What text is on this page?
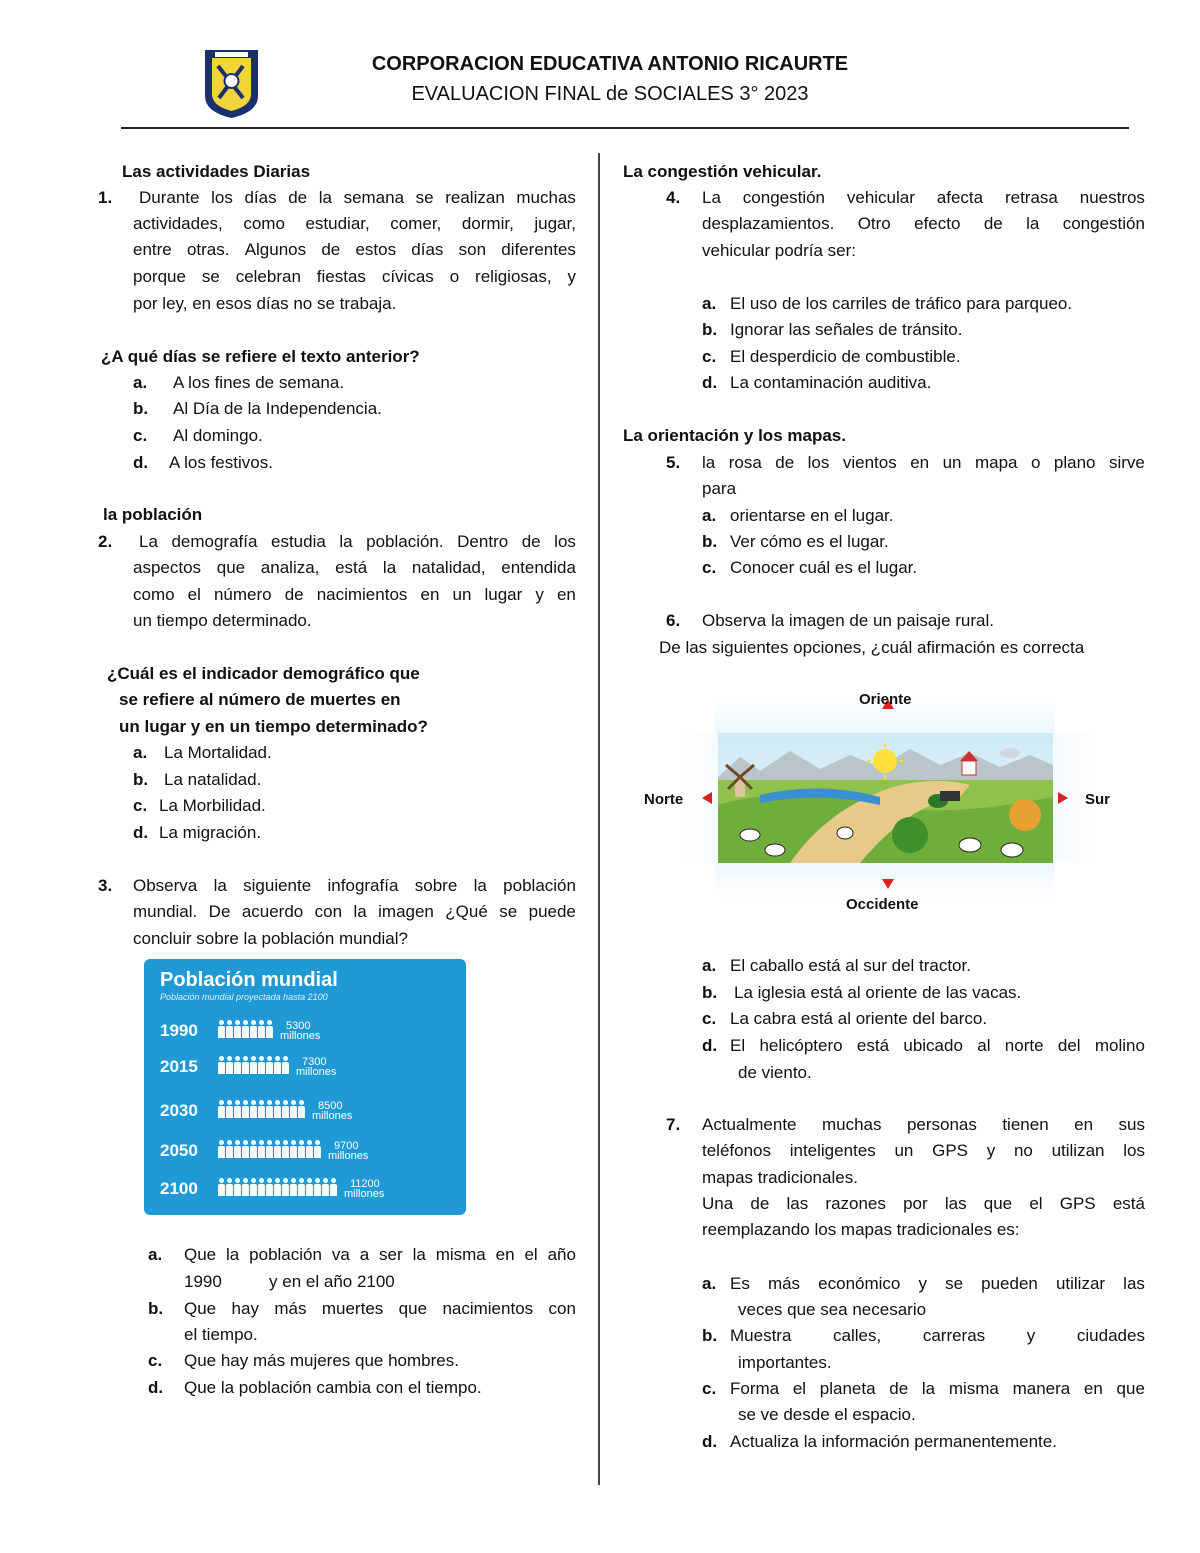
CORPORACION EDUCATIVA ANTONIO RICAURTE
EVALUACION FINAL de SOCIALES 3° 2023
Las actividades Diarias
1. Durante los días de la semana se realizan muchas
actividades, como estudiar, comer, dormir, jugar,
entre otras. Algunos de estos días son diferentes
porque se celebran fiestas cívicas o religiosas, y
por ley, en esos días no se trabaja.
¿A qué días se refiere el texto anterior?
a. A los fines de semana.
b. Al Día de la Independencia.
c. Al domingo.
d. A los festivos.
la población
2. La demografía estudia la población. Dentro de los
aspectos que analiza, está la natalidad, entendida
como el número de nacimientos en un lugar y en
un tiempo determinado.
¿Cuál es el indicador demográfico que
se refiere al número de muertes en
un lugar y en un tiempo determinado?
a. La Mortalidad.
b. La natalidad.
c. La Morbilidad.
d. La migración.
3. Observa la siguiente infografía sobre la población
mundial. De acuerdo con la imagen ¿Qué se puede
concluir sobre la población mundial?
Población mundial
Población mundial proyectada hasta 2100
1990	5300
millones
2015	7300
millones
2030	8500
millones
2050	9700
millones
2100	11200
millones
a. Que la población va a ser la misma en el año
1990          y en el año 2100
b. Que hay más muertes que nacimientos con
el tiempo.
c. Que hay más mujeres que hombres.
d. Que la población cambia con el tiempo.
La congestión vehicular.
4. La congestión vehicular afecta retrasa nuestros
desplazamientos. Otro efecto de la congestión
vehicular podría ser:
a. El uso de los carriles de tráfico para parqueo.
b. Ignorar las señales de tránsito.
c. El desperdicio de combustible.
d. La contaminación auditiva.
La orientación y los mapas.
5. la rosa de los vientos en un mapa o plano sirve
para
a. orientarse en el lugar.
b. Ver cómo es el lugar.
c. Conocer cuál es el lugar.
6. Observa la imagen de un paisaje rural.
De las siguientes opciones, ¿cuál afirmación es correcta
Oriente
Occidente
Norte	Sur
a. El caballo está al sur del tractor.
b. La iglesia está al oriente de las vacas.
c. La cabra está al oriente del barco.
d. El helicóptero está ubicado al norte del molino
de viento.
7. Actualmente muchas personas tienen en sus
teléfonos inteligentes un GPS y no utilizan los
mapas tradicionales.
Una de las razones por las que el GPS está
reemplazando los mapas tradicionales es:
a. Es más económico y se pueden utilizar las
veces que sea necesario
b. Muestra calles, carreras y ciudades
importantes.
c. Forma el planeta de la misma manera en que
se ve desde el espacio.
d. Actualiza la información permanentemente.
